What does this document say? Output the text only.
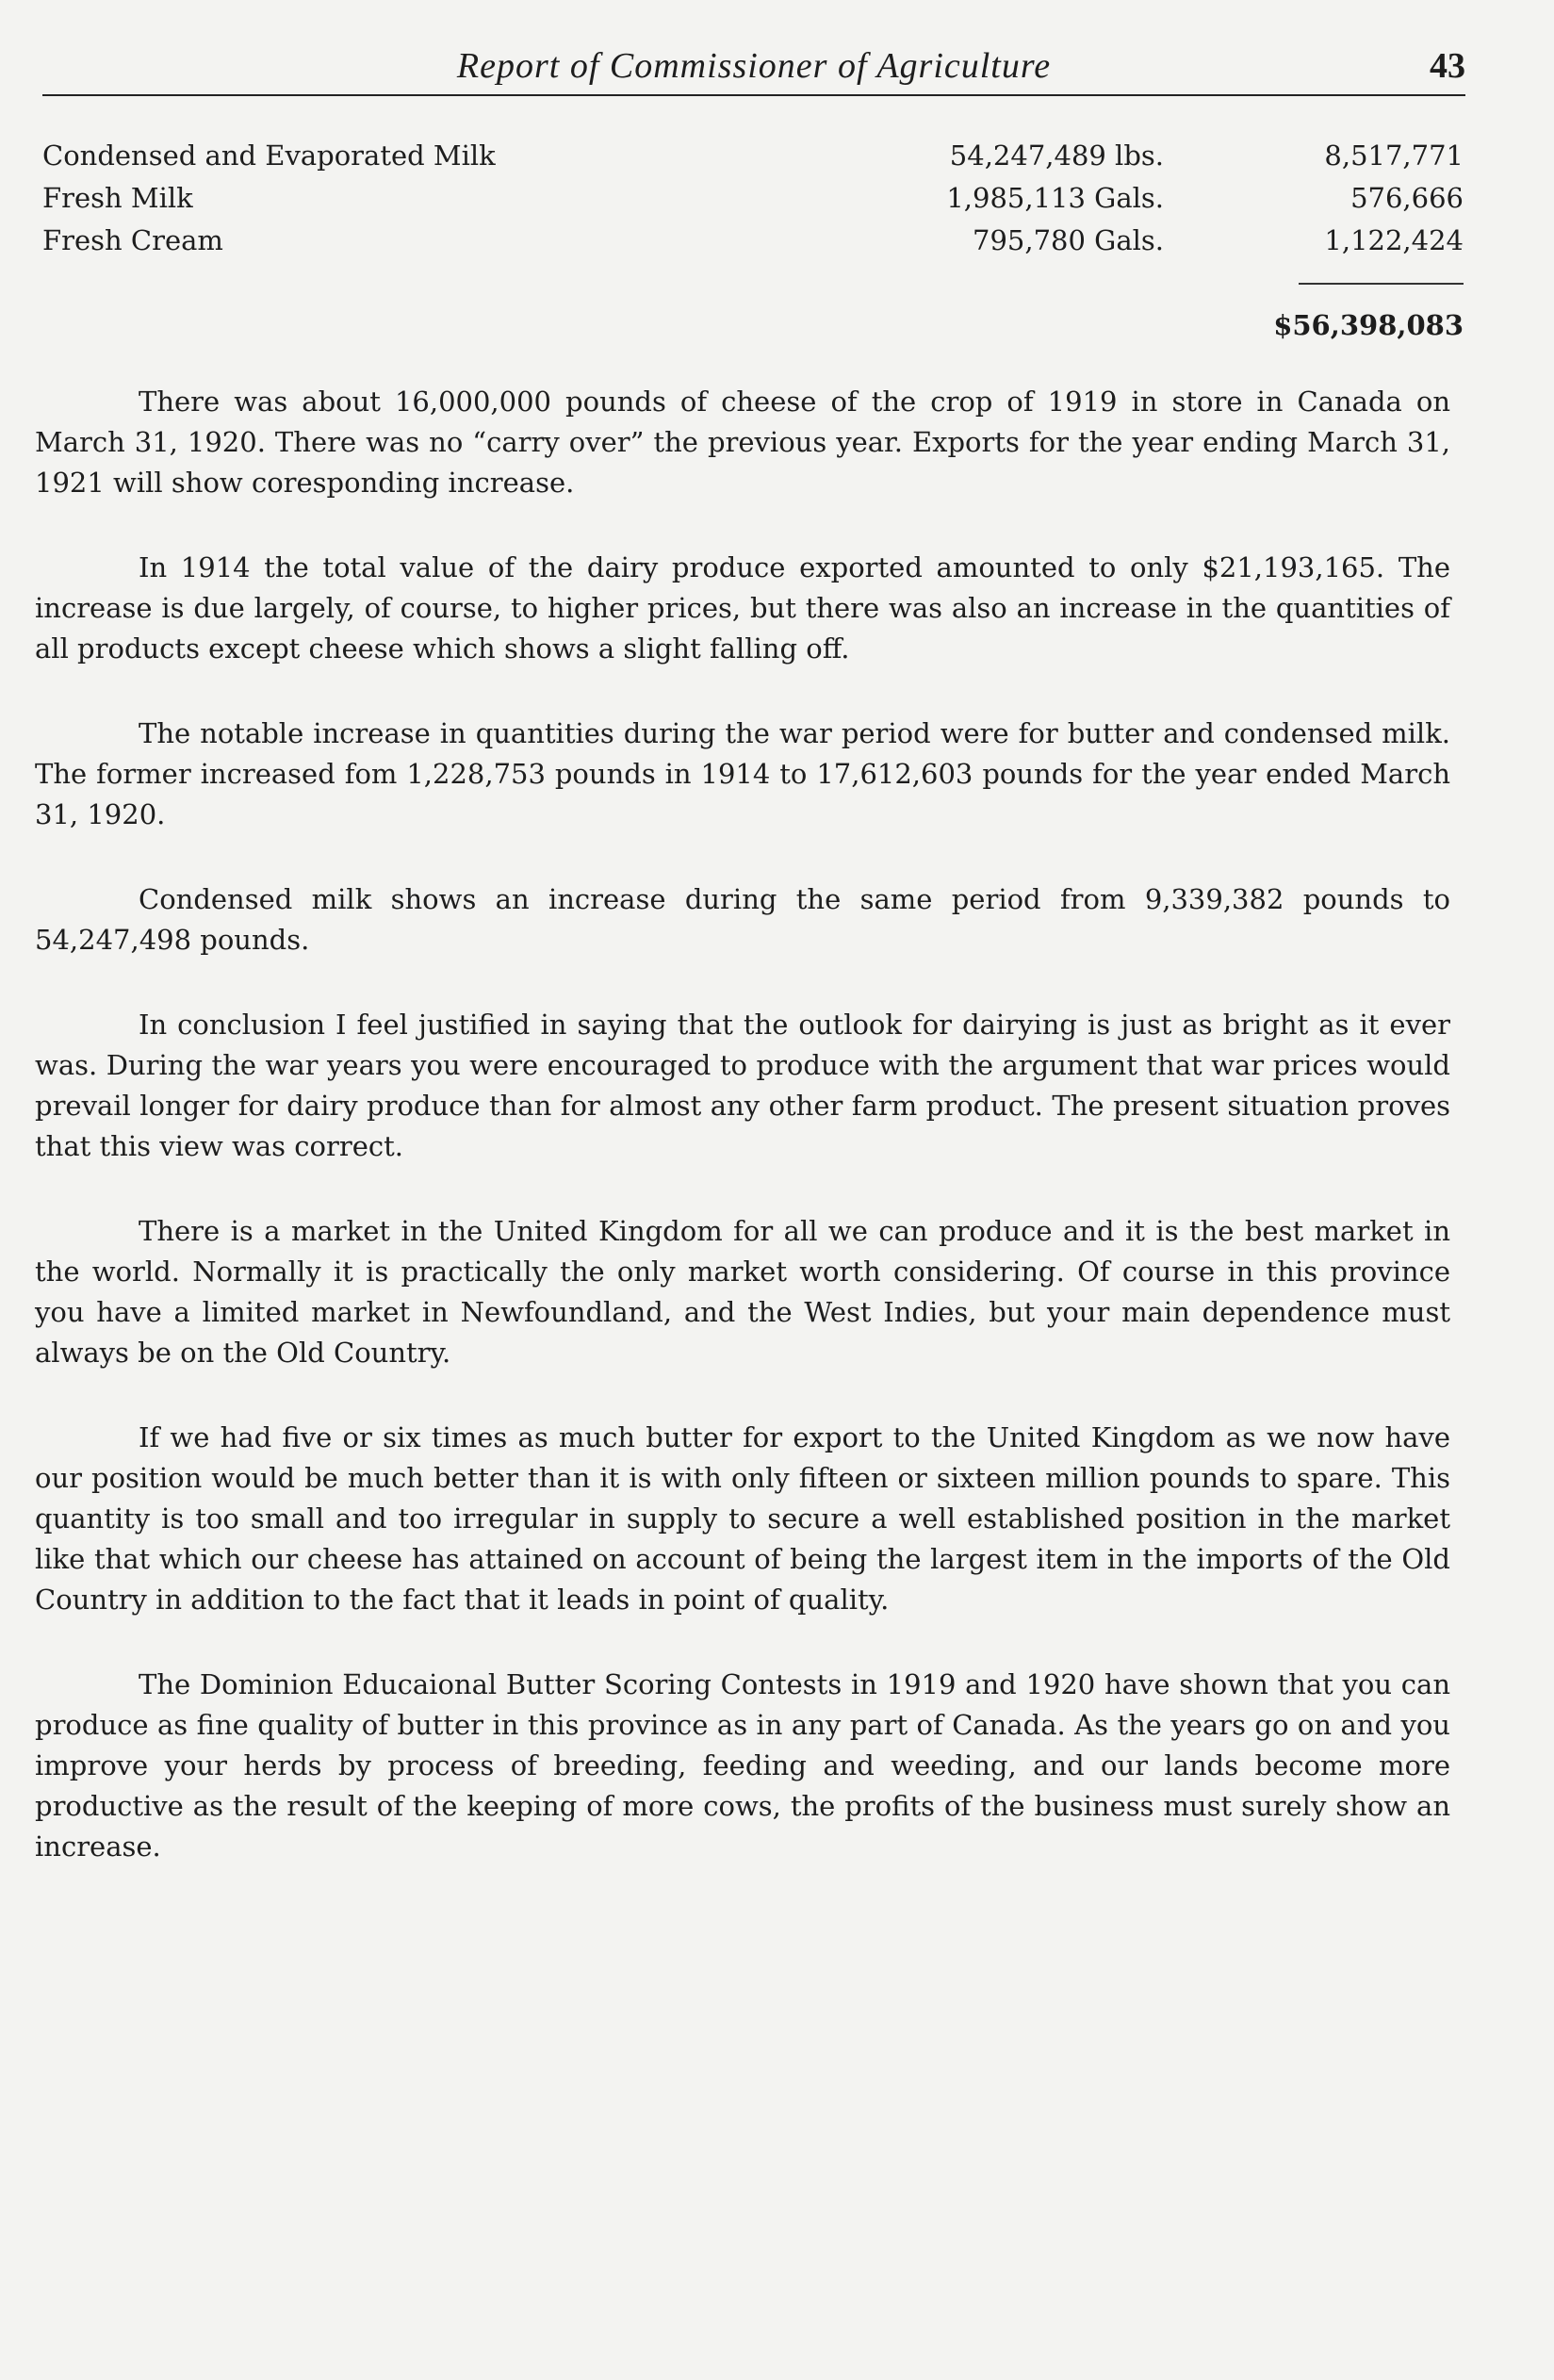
Report of Commissioner of Agriculture	43
Condensed and Evaporated Milk	54,247,489 lbs.	8,517,771
Fresh Milk	1,985,113 Gals.	576,666
Fresh Cream	795,780 Gals.	1,122,424
$56,398,083

There was about 16,000,000 pounds of cheese of the crop of 1919 in store in Canada on March 31, 1920. There was no “carry over” the previous year. Exports for the year ending March 31, 1921 will show coresponding increase.

In 1914 the total value of the dairy produce exported amounted to only $21,193,165. The increase is due largely, of course, to higher prices, but there was also an increase in the quantities of all products except cheese which shows a slight falling off.

The notable increase in quantities during the war period were for butter and condensed milk. The former increased fom 1,228,753 pounds in 1914 to 17,612,603 pounds for the year ended March 31, 1920.

Condensed milk shows an increase during the same period from 9,339,382 pounds to 54,247,498 pounds.

In conclusion I feel justified in saying that the outlook for dairying is just as bright as it ever was. During the war years you were encouraged to produce with the argument that war prices would prevail longer for dairy produce than for almost any other farm product. The present situation proves that this view was correct.

There is a market in the United Kingdom for all we can produce and it is the best market in the world. Normally it is practically the only market worth considering. Of course in this province you have a limited market in Newfoundland, and the West Indies, but your main dependence must always be on the Old Country.

If we had five or six times as much butter for export to the United Kingdom as we now have our position would be much better than it is with only fifteen or sixteen million pounds to spare. This quantity is too small and too irregular in supply to secure a well established position in the market like that which our cheese has attained on account of being the largest item in the imports of the Old Country in addition to the fact that it leads in point of quality.

The Dominion Educaional Butter Scoring Contests in 1919 and 1920 have shown that you can produce as fine quality of butter in this province as in any part of Canada. As the years go on and you improve your herds by process of breeding, feeding and weeding, and our lands become more productive as the result of the keeping of more cows, the profits of the business must surely show an increase.
